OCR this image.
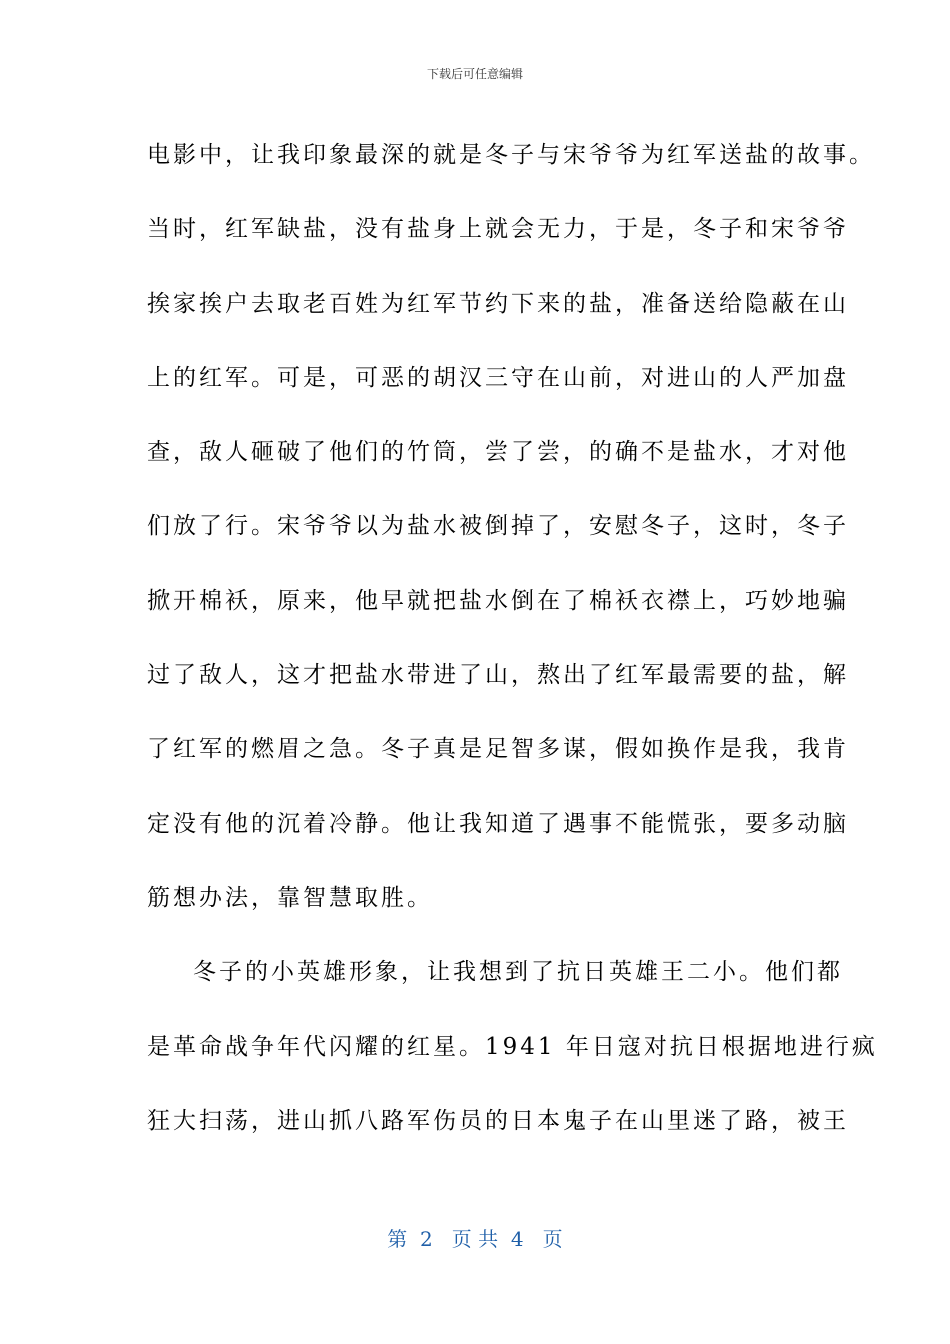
下载后可任意编辑
电影中，让我印象最深的就是冬子与宋爷爷为红军送盐的故事。
当时，红军缺盐，没有盐身上就会无力，于是，冬子和宋爷爷
挨家挨户去取老百姓为红军节约下来的盐，准备送给隐蔽在山
上的红军。可是，可恶的胡汉三守在山前，对进山的人严加盘
查，敌人砸破了他们的竹筒，尝了尝，的确不是盐水，才对他
们放了行。宋爷爷以为盐水被倒掉了，安慰冬子，这时，冬子
掀开棉袄，原来，他早就把盐水倒在了棉袄衣襟上，巧妙地骗
过了敌人，这才把盐水带进了山，熬出了红军最需要的盐，解
了红军的燃眉之急。冬子真是足智多谋，假如换作是我，我肯
定没有他的沉着冷静。他让我知道了遇事不能慌张，要多动脑
筋想办法，靠智慧取胜。
冬子的小英雄形象，让我想到了抗日英雄王二小。他们都
是革命战争年代闪耀的红星。1941 年日寇对抗日根据地进行疯
狂大扫荡，进山抓八路军伤员的日本鬼子在山里迷了路，被王
第  2   页 共  4   页
